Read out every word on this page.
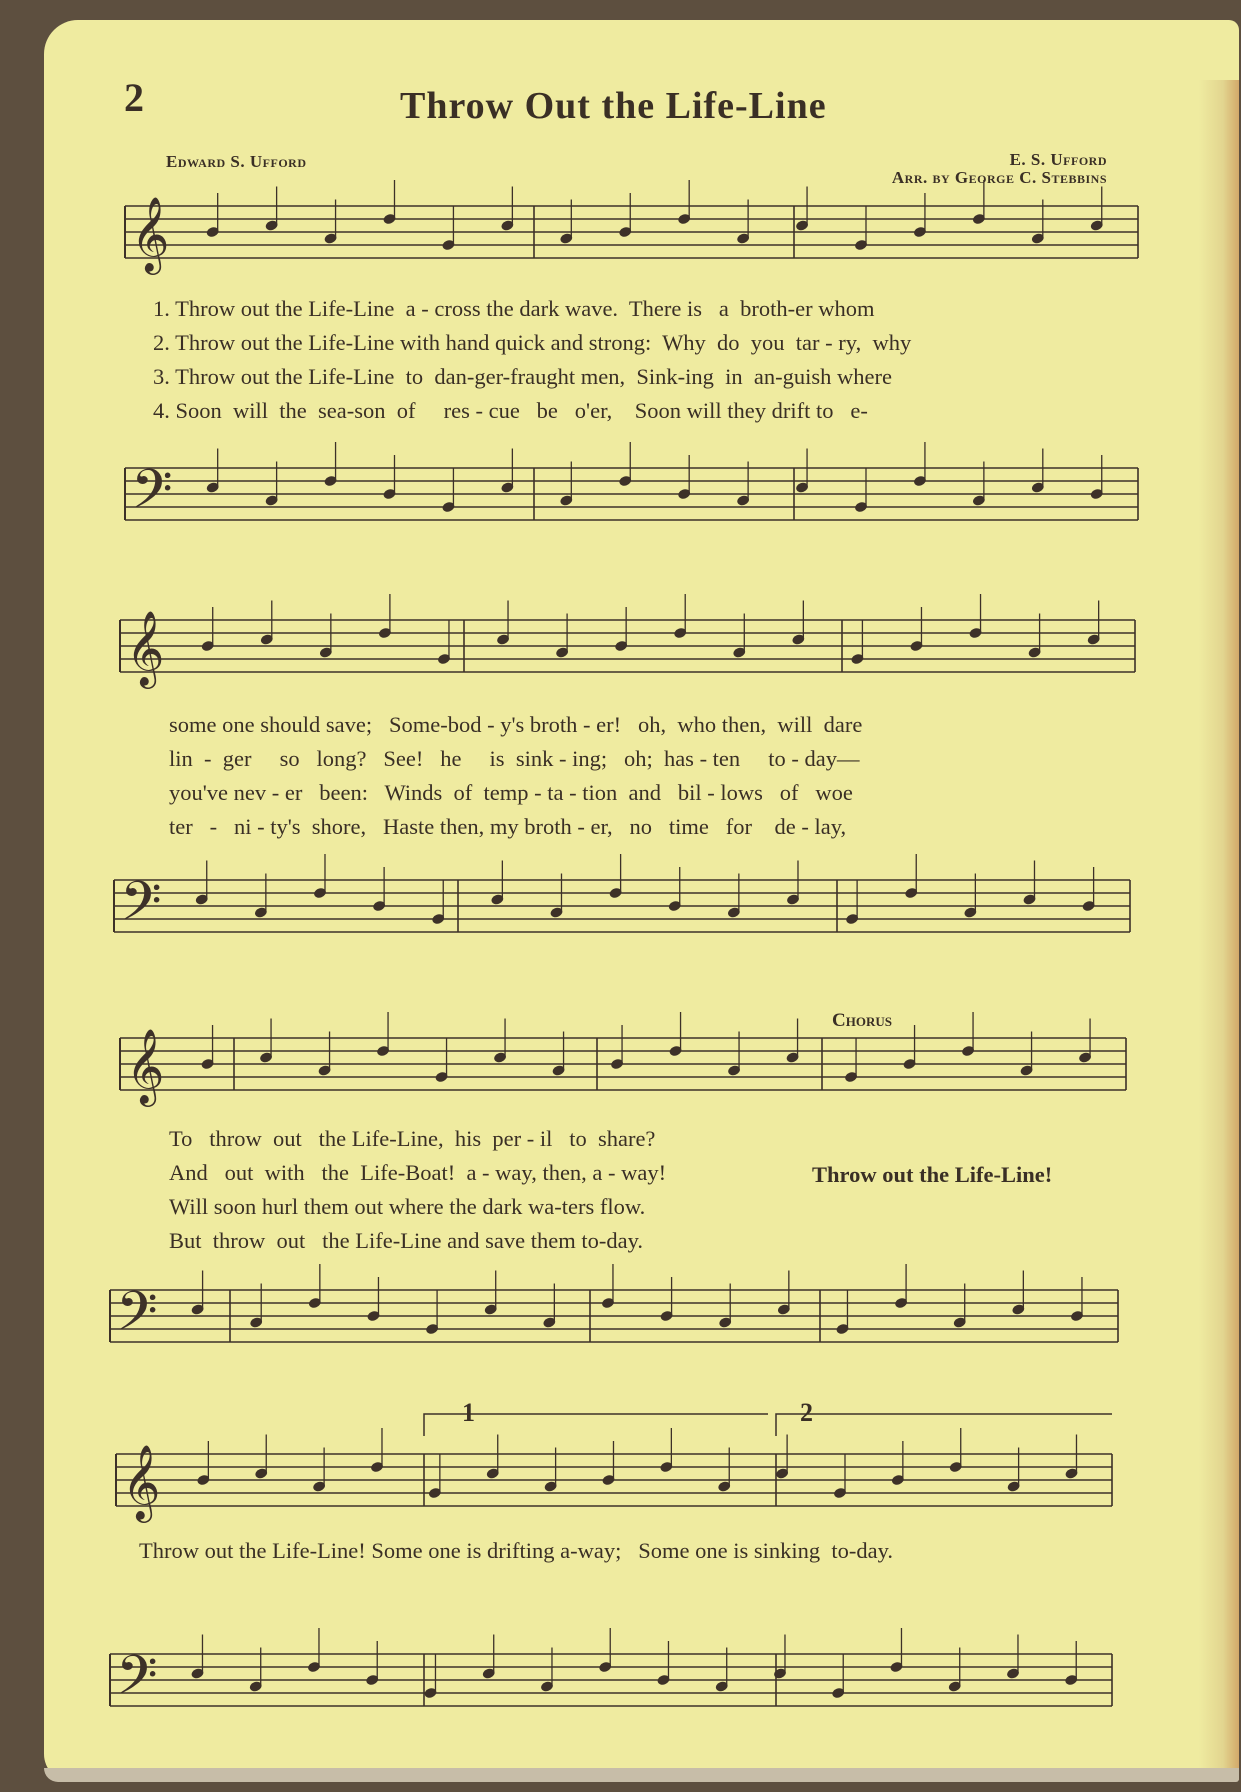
2	Throw Out the Life-Line
Edward S. Ufford	E. S. Ufford
Arr. by George C. Stebbins
𝄞
𝄢
𝄞
𝄢
𝄞
𝄢
𝄞
𝄢
1. Throw out the Life-Line  a - cross the dark wave.  There is   a  broth-er whom
2. Throw out the Life-Line with hand quick and strong:  Why  do  you  tar - ry,  why
3. Throw out the Life-Line  to  dan-ger-fraught men,  Sink-ing  in  an-guish where
4. Soon  will  the  sea-son  of     res - cue   be   o'er,    Soon will they drift to   e-
some one should save;   Some-bod - y's broth - er!   oh,  who then,  will  dare
lin  -  ger     so   long?   See!   he     is  sink - ing;   oh;  has - ten     to - day—
you've nev - er   been:   Winds  of  temp - ta - tion  and   bil - lows   of   woe
ter   -   ni - ty's  shore,   Haste then, my broth - er,   no   time   for    de - lay,
Chorus
To   throw  out   the Life-Line,  his  per - il   to  share?
And   out  with   the  Life-Boat!  a - way, then, a - way!	Throw out the Life-Line!
Will soon hurl them out where the dark wa-ters flow.
But  throw  out   the Life-Line and save them to-day.
1	2
Throw out the Life-Line! Some one is drifting a-way;   Some one is sinking  to-day.
